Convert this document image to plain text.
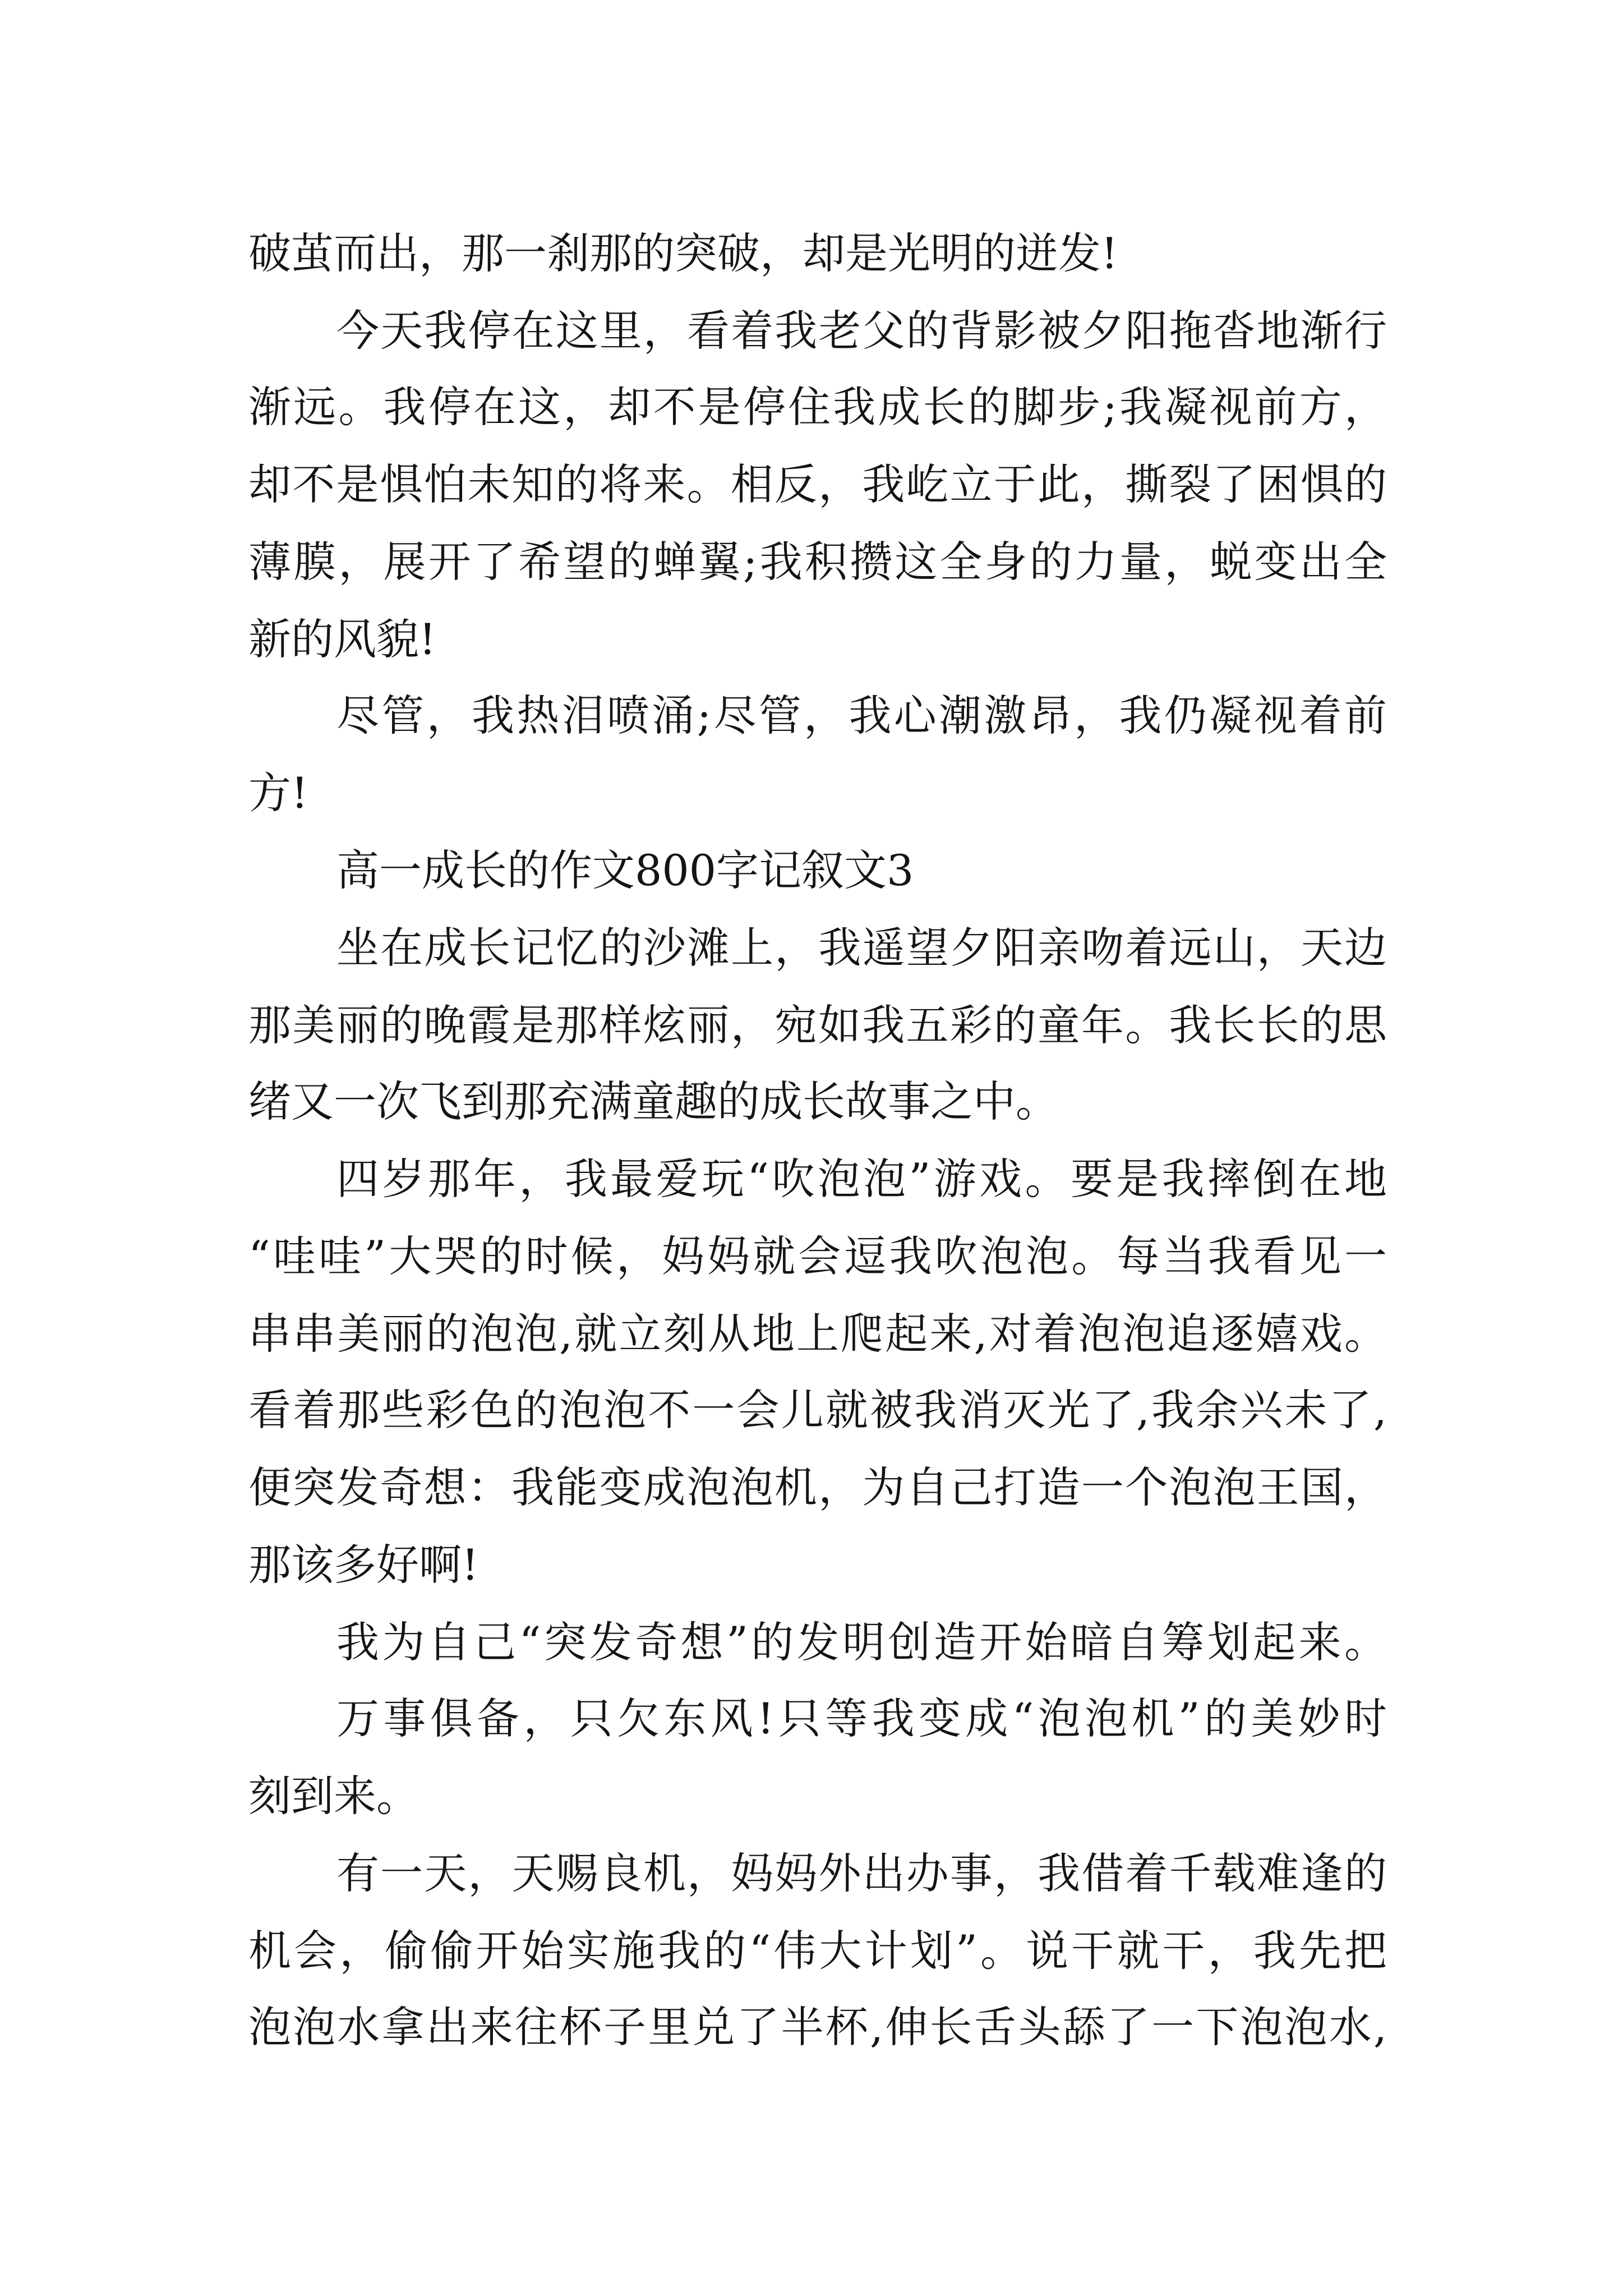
破茧而出，那一刹那的突破，却是光明的迸发!
今天我停在这里，看着我老父的背影被夕阳拖沓地渐行
渐远。我停在这，却不是停住我成长的脚步;我凝视前方，
却不是惧怕未知的将来。相反，我屹立于此，撕裂了困惧的
薄膜，展开了希望的蝉翼;我积攒这全身的力量，蜕变出全
新的风貌!
尽管，我热泪喷涌;尽管，我心潮激昂，我仍凝视着前
方!
高一成长的作文800字记叙文3
坐在成长记忆的沙滩上，我遥望夕阳亲吻着远山，天边
那美丽的晚霞是那样炫丽，宛如我五彩的童年。我长长的思
绪又一次飞到那充满童趣的成长故事之中。
四岁那年，我最爱玩“吹泡泡”游戏。要是我摔倒在地
“哇哇”大哭的时候，妈妈就会逗我吹泡泡。每当我看见一
串串美丽的泡泡,就立刻从地上爬起来,对着泡泡追逐嬉戏。
看着那些彩色的泡泡不一会儿就被我消灭光了,我余兴未了,
便突发奇想：我能变成泡泡机，为自己打造一个泡泡王国，
那该多好啊!
我为自己“突发奇想”的发明创造开始暗自筹划起来。
万事俱备，只欠东风!只等我变成“泡泡机”的美妙时
刻到来。
有一天，天赐良机，妈妈外出办事，我借着千载难逢的
机会，偷偷开始实施我的“伟大计划”。说干就干，我先把
泡泡水拿出来往杯子里兑了半杯,伸长舌头舔了一下泡泡水,
